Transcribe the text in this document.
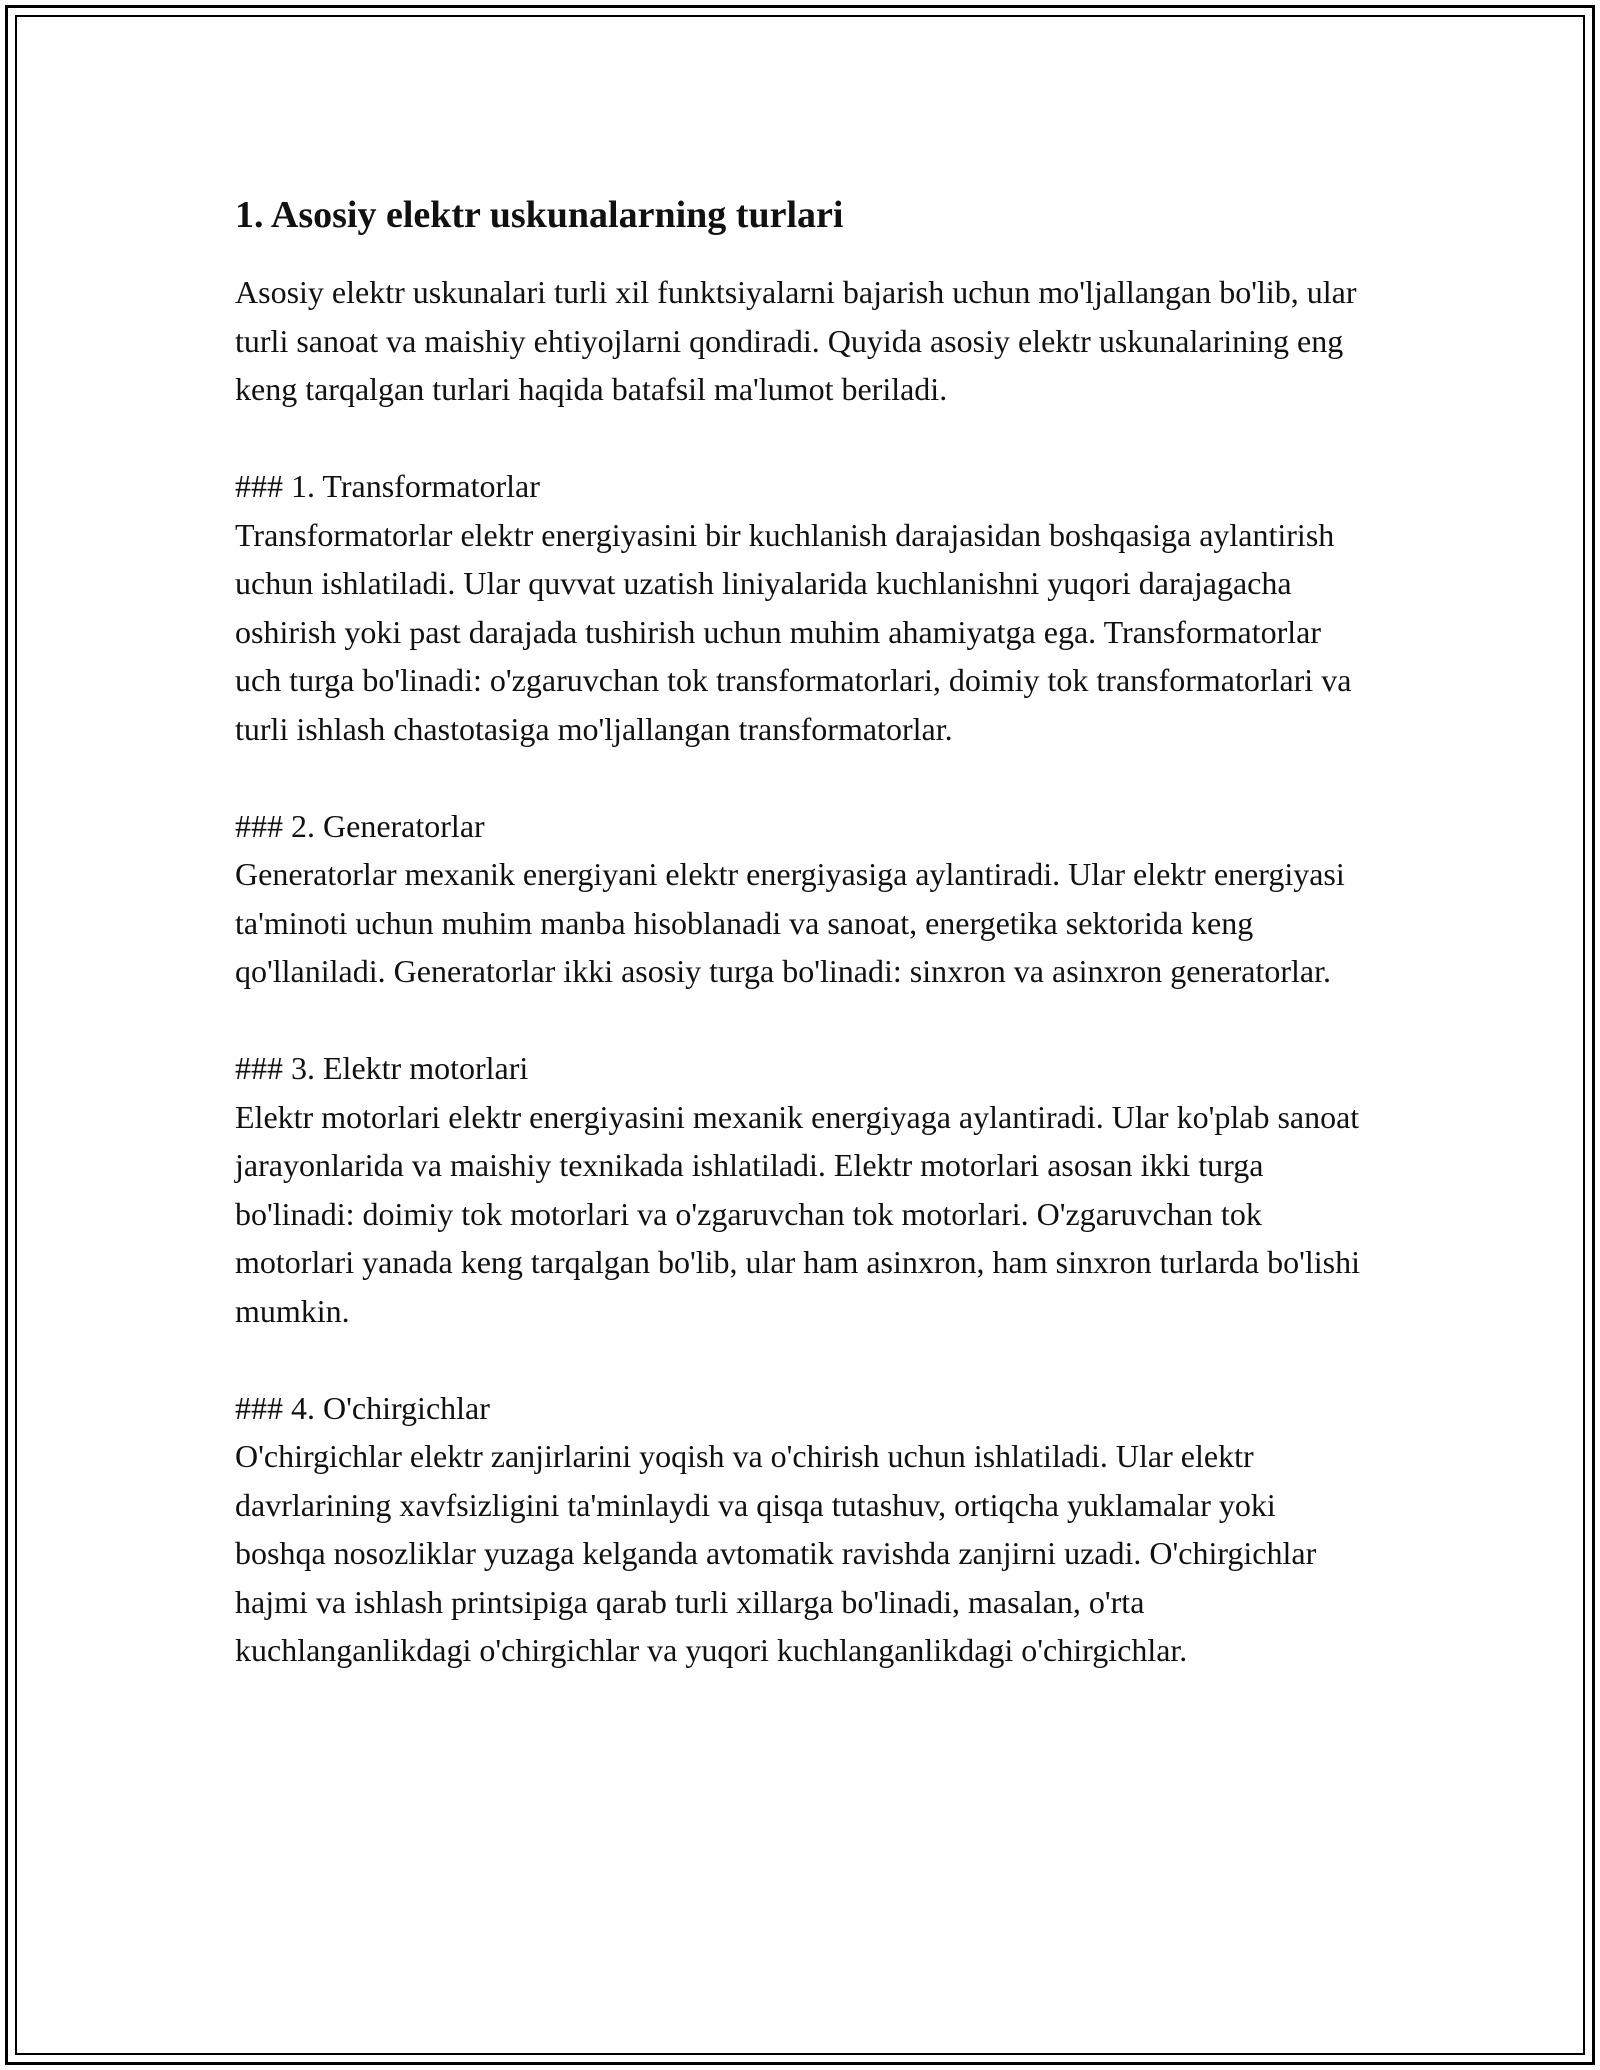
1. Asosiy elektr uskunalarning turlari

Asosiy elektr uskunalari turli xil funktsiyalarni bajarish uchun mo'ljallangan bo'lib, ular turli sanoat va maishiy ehtiyojlarni qondiradi. Quyida asosiy elektr uskunalarining eng keng tarqalgan turlari haqida batafsil ma'lumot beriladi.

### 1. Transformatorlar

Transformatorlar elektr energiyasini bir kuchlanish darajasidan boshqasiga aylantirish uchun ishlatiladi. Ular quvvat uzatish liniyalarida kuchlanishni yuqori darajagacha oshirish yoki past darajada tushirish uchun muhim ahamiyatga ega. Transformatorlar uch turga bo'linadi: o'zgaruvchan tok transformatorlari, doimiy tok transformatorlari va turli ishlash chastotasiga mo'ljallangan transformatorlar.

### 2. Generatorlar

Generatorlar mexanik energiyani elektr energiyasiga aylantiradi. Ular elektr energiyasi ta'minoti uchun muhim manba hisoblanadi va sanoat, energetika sektorida keng qo'llaniladi. Generatorlar ikki asosiy turga bo'linadi: sinxron va asinxron generatorlar.

### 3. Elektr motorlari

Elektr motorlari elektr energiyasini mexanik energiyaga aylantiradi. Ular ko'plab sanoat jarayonlarida va maishiy texnikada ishlatiladi. Elektr motorlari asosan ikki turga bo'linadi: doimiy tok motorlari va o'zgaruvchan tok motorlari. O'zgaruvchan tok motorlari yanada keng tarqalgan bo'lib, ular ham asinxron, ham sinxron turlarda bo'lishi mumkin.

### 4. O'chirgichlar

O'chirgichlar elektr zanjirlarini yoqish va o'chirish uchun ishlatiladi. Ular elektr davrlarining xavfsizligini ta'minlaydi va qisqa tutashuv, ortiqcha yuklamalar yoki boshqa nosozliklar yuzaga kelganda avtomatik ravishda zanjirni uzadi. O'chirgichlar hajmi va ishlash printsipiga qarab turli xillarga bo'linadi, masalan, o'rta kuchlanganlikdagi o'chirgichlar va yuqori kuchlanganlikdagi o'chirgichlar.
